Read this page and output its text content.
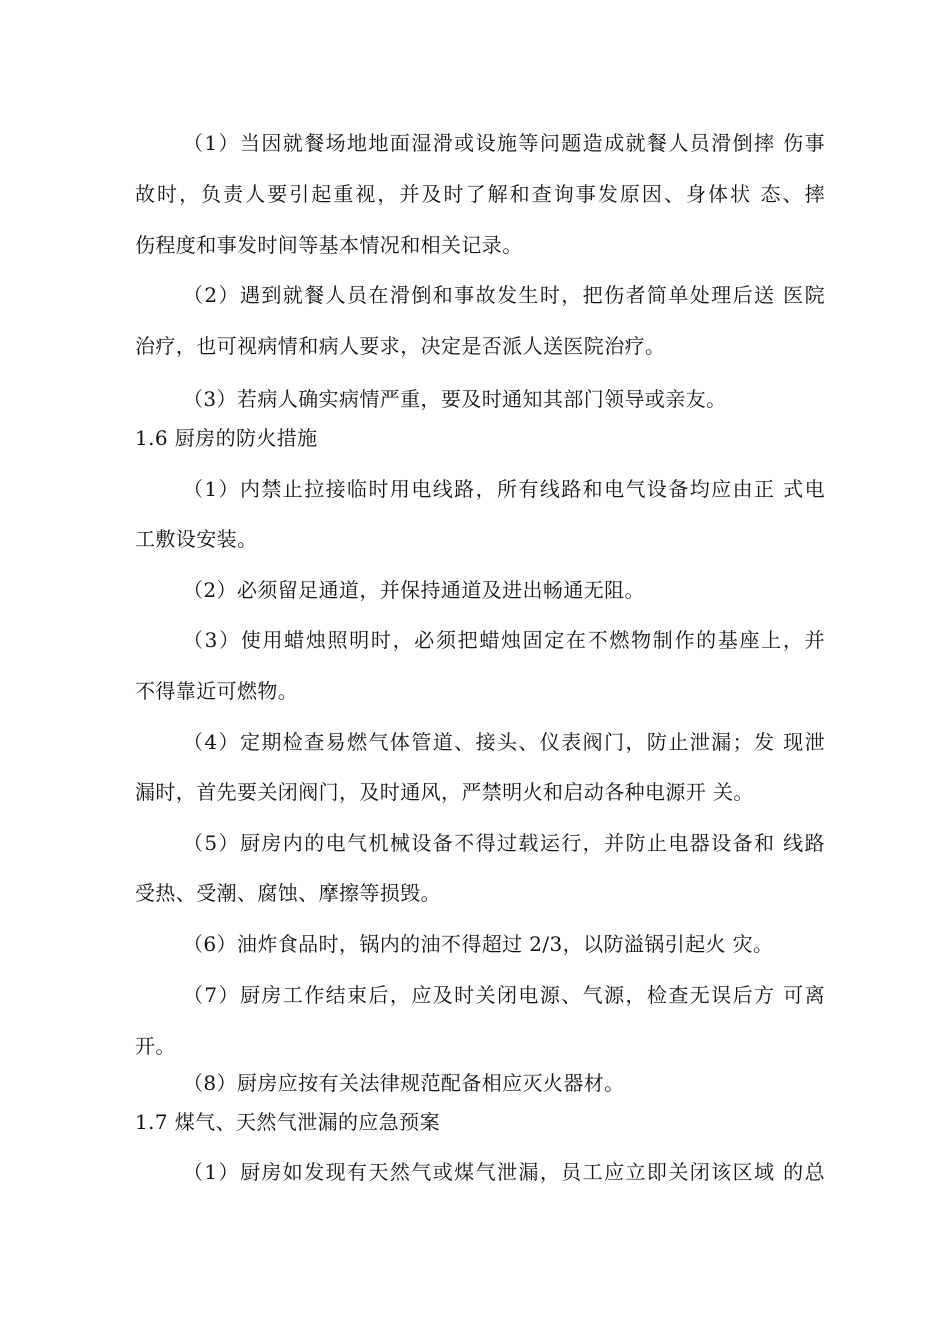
（1）当因就餐场地地面湿滑或设施等问题造成就餐人员滑倒摔 伤事
故时，负责人要引起重视，并及时了解和查询事发原因、身体状 态、摔
伤程度和事发时间等基本情况和相关记录。
（2）遇到就餐人员在滑倒和事故发生时，把伤者简单处理后送 医院
治疗，也可视病情和病人要求，决定是否派人送医院治疗。
（3）若病人确实病情严重，要及时通知其部门领导或亲友。
1.6 厨房的防火措施
（1）内禁止拉接临时用电线路，所有线路和电气设备均应由正 式电
工敷设安装。
（2）必须留足通道，并保持通道及进出畅通无阻。
（3）使用蜡烛照明时，必须把蜡烛固定在不燃物制作的基座上，并
不得靠近可燃物。
（4）定期检查易燃气体管道、接头、仪表阀门，防止泄漏；发 现泄
漏时，首先要关闭阀门，及时通风，严禁明火和启动各种电源开 关。
（5）厨房内的电气机械设备不得过载运行，并防止电器设备和 线路
受热、受潮、腐蚀、摩擦等损毁。
（6）油炸食品时，锅内的油不得超过 2/3，以防溢锅引起火 灾。
（7）厨房工作结束后，应及时关闭电源、气源，检查无误后方 可离
开。
（8）厨房应按有关法律规范配备相应灭火器材。
1.7 煤气、天然气泄漏的应急预案
（1）厨房如发现有天然气或煤气泄漏，员工应立即关闭该区域 的总
